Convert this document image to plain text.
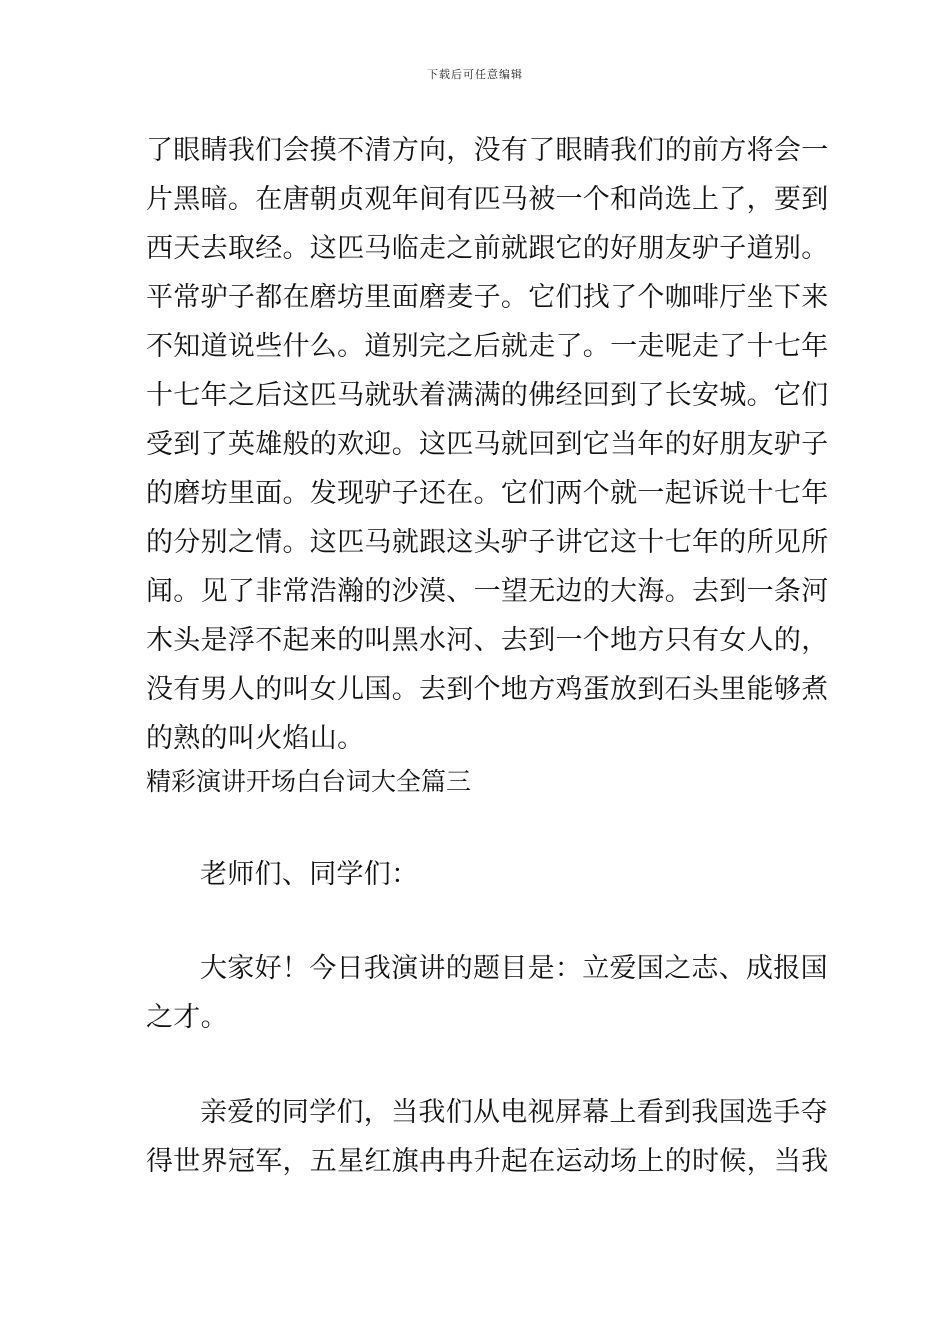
下载后可任意编辑
了眼睛我们会摸不清方向，没有了眼睛我们的前方将会一
片黑暗。在唐朝贞观年间有匹马被一个和尚选上了，要到
西天去取经。这匹马临走之前就跟它的好朋友驴子道别。
平常驴子都在磨坊里面磨麦子。它们找了个咖啡厅坐下来
不知道说些什么。道别完之后就走了。一走呢走了十七年
十七年之后这匹马就驮着满满的佛经回到了长安城。它们
受到了英雄般的欢迎。这匹马就回到它当年的好朋友驴子
的磨坊里面。发现驴子还在。它们两个就一起诉说十七年
的分别之情。这匹马就跟这头驴子讲它这十七年的所见所
闻。见了非常浩瀚的沙漠、一望无边的大海。去到一条河
木头是浮不起来的叫黑水河、去到一个地方只有女人的，
没有男人的叫女儿国。去到个地方鸡蛋放到石头里能够煮
的熟的叫火焰山。
精彩演讲开场白台词大全篇三
老师们、同学们：
大家好！今日我演讲的题目是：立爱国之志、成报国
之才。
亲爱的同学们，当我们从电视屏幕上看到我国选手夺
得世界冠军，五星红旗冉冉升起在运动场上的时候，当我
